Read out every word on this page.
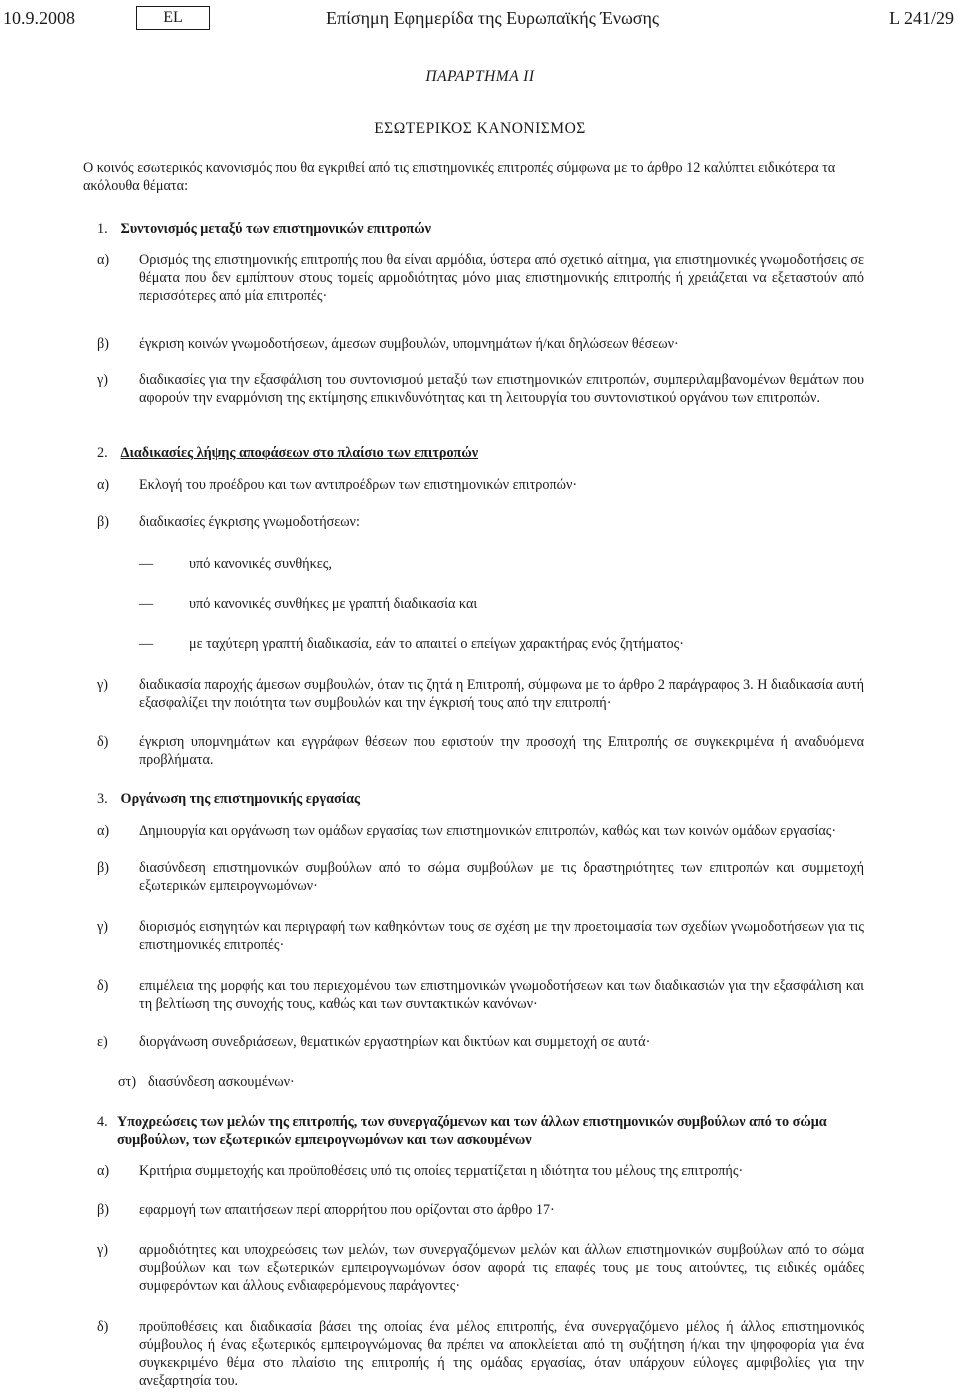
10.9.2008	EL	Επίσημη Εφημερίδα της Ευρωπαϊκής Ένωσης	L 241/29
ΠΑΡΑΡΤΗΜΑ ΙΙ
ΕΣΩΤΕΡΙΚΟΣ ΚΑΝΟΝΙΣΜΟΣ
Ο κοινός εσωτερικός κανονισμός που θα εγκριθεί από τις επιστημονικές επιτροπές σύμφωνα με το άρθρο 12 καλύπτει ειδικότερα τα ακόλουθα θέματα:
1. Συντονισμός μεταξύ των επιστημονικών επιτροπών
α) Ορισμός της επιστημονικής επιτροπής που θα είναι αρμόδια, ύστερα από σχετικό αίτημα, για επιστημονικές γνωμοδοτήσεις σε θέματα που δεν εμπίπτουν στους τομείς αρμοδιότητας μόνο μιας επιστημονικής επιτροπής ή χρειάζεται να εξεταστούν από περισσότερες από μία επιτροπές·
β) έγκριση κοινών γνωμοδοτήσεων, άμεσων συμβουλών, υπομνημάτων ή/και δηλώσεων θέσεων·
γ) διαδικασίες για την εξασφάλιση του συντονισμού μεταξύ των επιστημονικών επιτροπών, συμπεριλαμβανομένων θεμάτων που αφορούν την εναρμόνιση της εκτίμησης επικινδυνότητας και τη λειτουργία του συντονιστικού οργάνου των επιτροπών.
2. Διαδικασίες λήψης αποφάσεων στο πλαίσιο των επιτροπών
α) Εκλογή του προέδρου και των αντιπροέδρων των επιστημονικών επιτροπών·
β) διαδικασίες έγκρισης γνωμοδοτήσεων:
—	υπό κανονικές συνθήκες,
—	υπό κανονικές συνθήκες με γραπτή διαδικασία και
—	με ταχύτερη γραπτή διαδικασία, εάν το απαιτεί ο επείγων χαρακτήρας ενός ζητήματος·
γ) διαδικασία παροχής άμεσων συμβουλών, όταν τις ζητά η Επιτροπή, σύμφωνα με το άρθρο 2 παράγραφος 3. Η διαδικασία αυτή εξασφαλίζει την ποιότητα των συμβουλών και την έγκρισή τους από την επιτροπή·
δ) έγκριση υπομνημάτων και εγγράφων θέσεων που εφιστούν την προσοχή της Επιτροπής σε συγκεκριμένα ή αναδυόμενα προβλήματα.
3. Οργάνωση της επιστημονικής εργασίας
α) Δημιουργία και οργάνωση των ομάδων εργασίας των επιστημονικών επιτροπών, καθώς και των κοινών ομάδων εργασίας·
β) διασύνδεση επιστημονικών συμβούλων από το σώμα συμβούλων με τις δραστηριότητες των επιτροπών και συμμετοχή εξωτερικών εμπειρογνωμόνων·
γ) διορισμός εισηγητών και περιγραφή των καθηκόντων τους σε σχέση με την προετοιμασία των σχεδίων γνωμοδοτήσεων για τις επιστημονικές επιτροπές·
δ) επιμέλεια της μορφής και του περιεχομένου των επιστημονικών γνωμοδοτήσεων και των διαδικασιών για την εξασφάλιση και τη βελτίωση της συνοχής τους, καθώς και των συντακτικών κανόνων·
ε) διοργάνωση συνεδριάσεων, θεματικών εργαστηρίων και δικτύων και συμμετοχή σε αυτά·
στ) διασύνδεση ασκουμένων·
4. Υποχρεώσεις των μελών της επιτροπής, των συνεργαζόμενων και των άλλων επιστημονικών συμβούλων από το σώμα συμβούλων, των εξωτερικών εμπειρογνωμόνων και των ασκουμένων
α) Κριτήρια συμμετοχής και προϋποθέσεις υπό τις οποίες τερματίζεται η ιδιότητα του μέλους της επιτροπής·
β) εφαρμογή των απαιτήσεων περί απορρήτου που ορίζονται στο άρθρο 17·
γ) αρμοδιότητες και υποχρεώσεις των μελών, των συνεργαζόμενων μελών και άλλων επιστημονικών συμβούλων από το σώμα συμβούλων και των εξωτερικών εμπειρογνωμόνων όσον αφορά τις επαφές τους με τους αιτούντες, τις ειδικές ομάδες συμφερόντων και άλλους ενδιαφερόμενους παράγοντες·
δ) προϋποθέσεις και διαδικασία βάσει της οποίας ένα μέλος επιτροπής, ένα συνεργαζόμενο μέλος ή άλλος επιστημονικός σύμβουλος ή ένας εξωτερικός εμπειρογνώμονας θα πρέπει να αποκλείεται από τη συζήτηση ή/και την ψηφοφορία για ένα συγκεκριμένο θέμα στο πλαίσιο της επιτροπής ή της ομάδας εργασίας, όταν υπάρχουν εύλογες αμφιβολίες για την ανεξαρτησία του.
